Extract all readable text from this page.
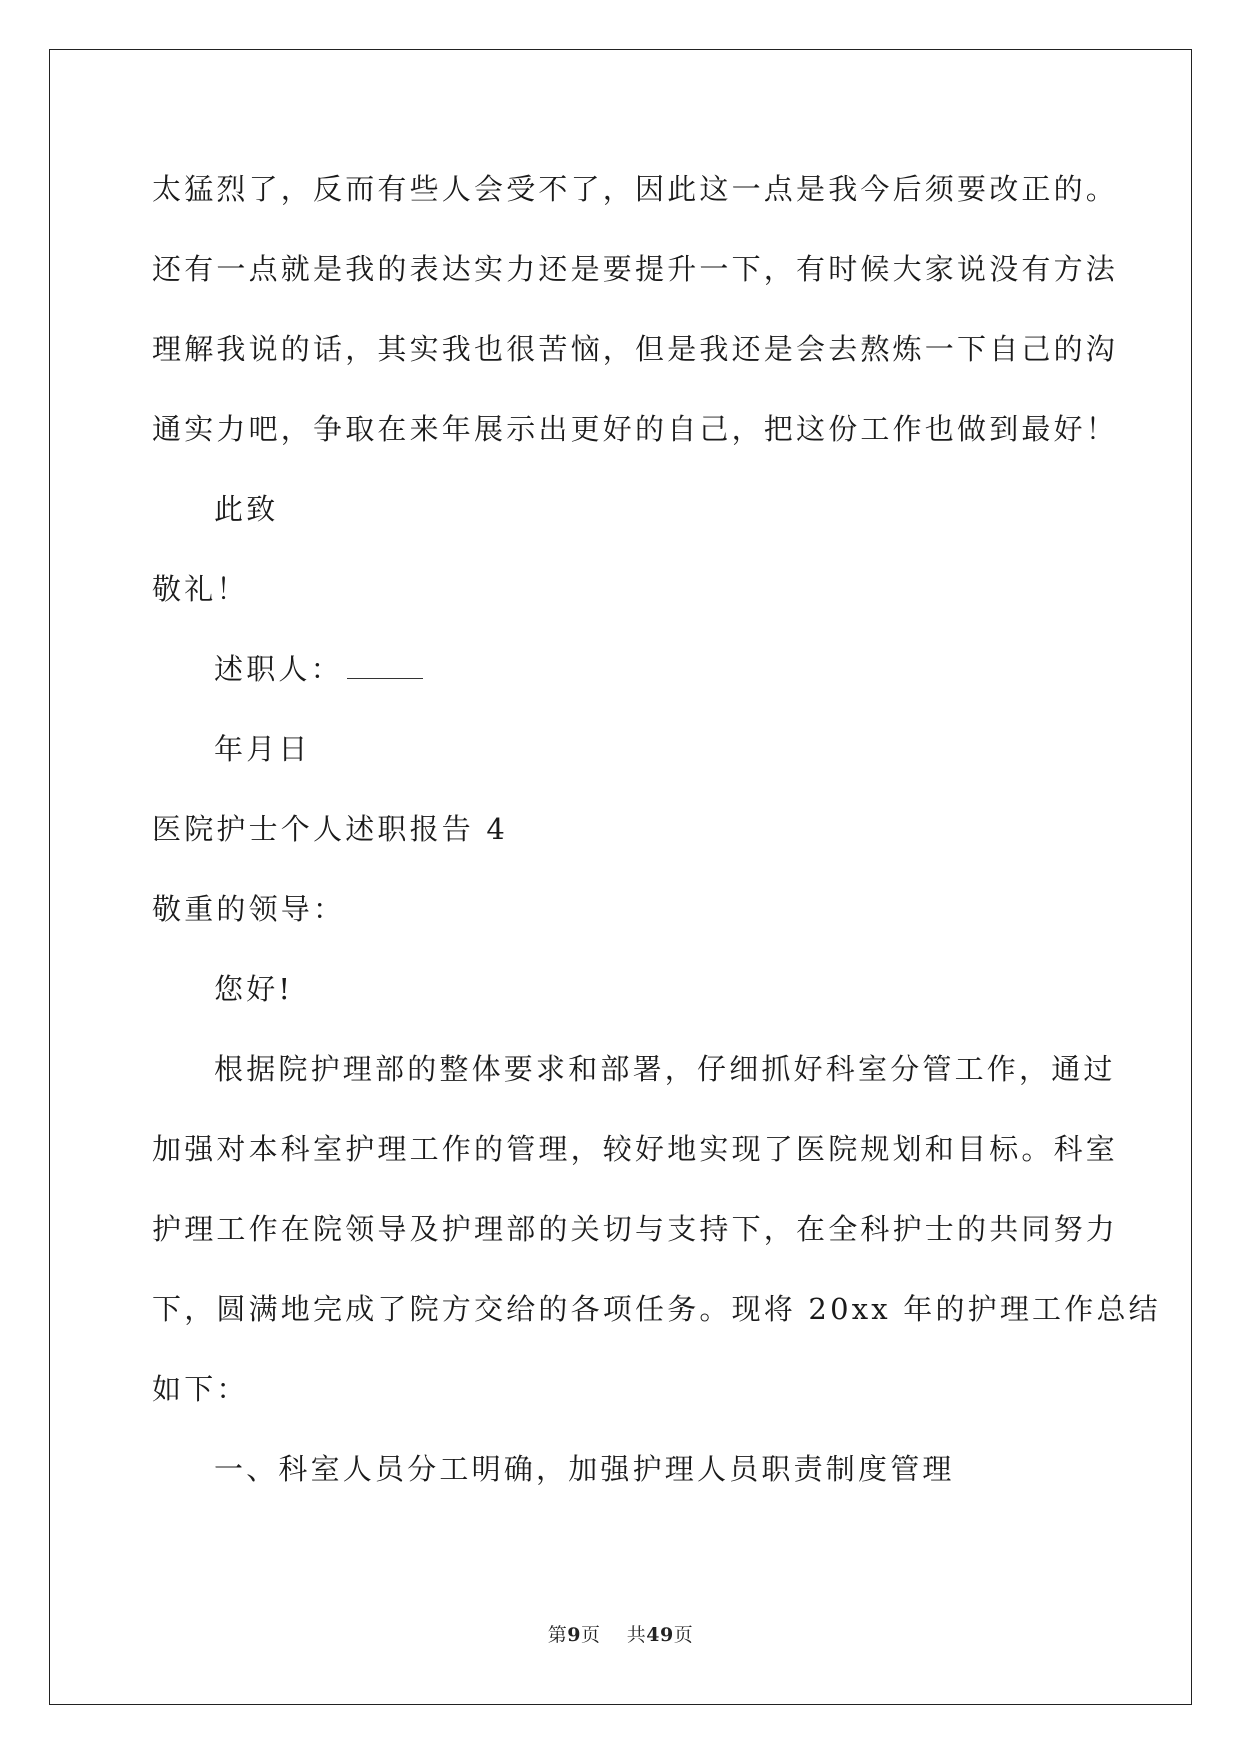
太猛烈了，反而有些人会受不了，因此这一点是我今后须要改正的。
还有一点就是我的表达实力还是要提升一下，有时候大家说没有方法
理解我说的话，其实我也很苦恼，但是我还是会去熬炼一下自己的沟
通实力吧，争取在来年展示出更好的自己，把这份工作也做到最好！
此致
敬礼！
述职人：
年月日
医院护士个人述职报告 4
敬重的领导：
您好!
根据院护理部的整体要求和部署，仔细抓好科室分管工作，通过
加强对本科室护理工作的管理，较好地实现了医院规划和目标。科室
护理工作在院领导及护理部的关切与支持下，在全科护士的共同努力
下，圆满地完成了院方交给的各项任务。现将 20xx 年的护理工作总结
如下：
一、科室人员分工明确，加强护理人员职责制度管理
第9页 共49页
